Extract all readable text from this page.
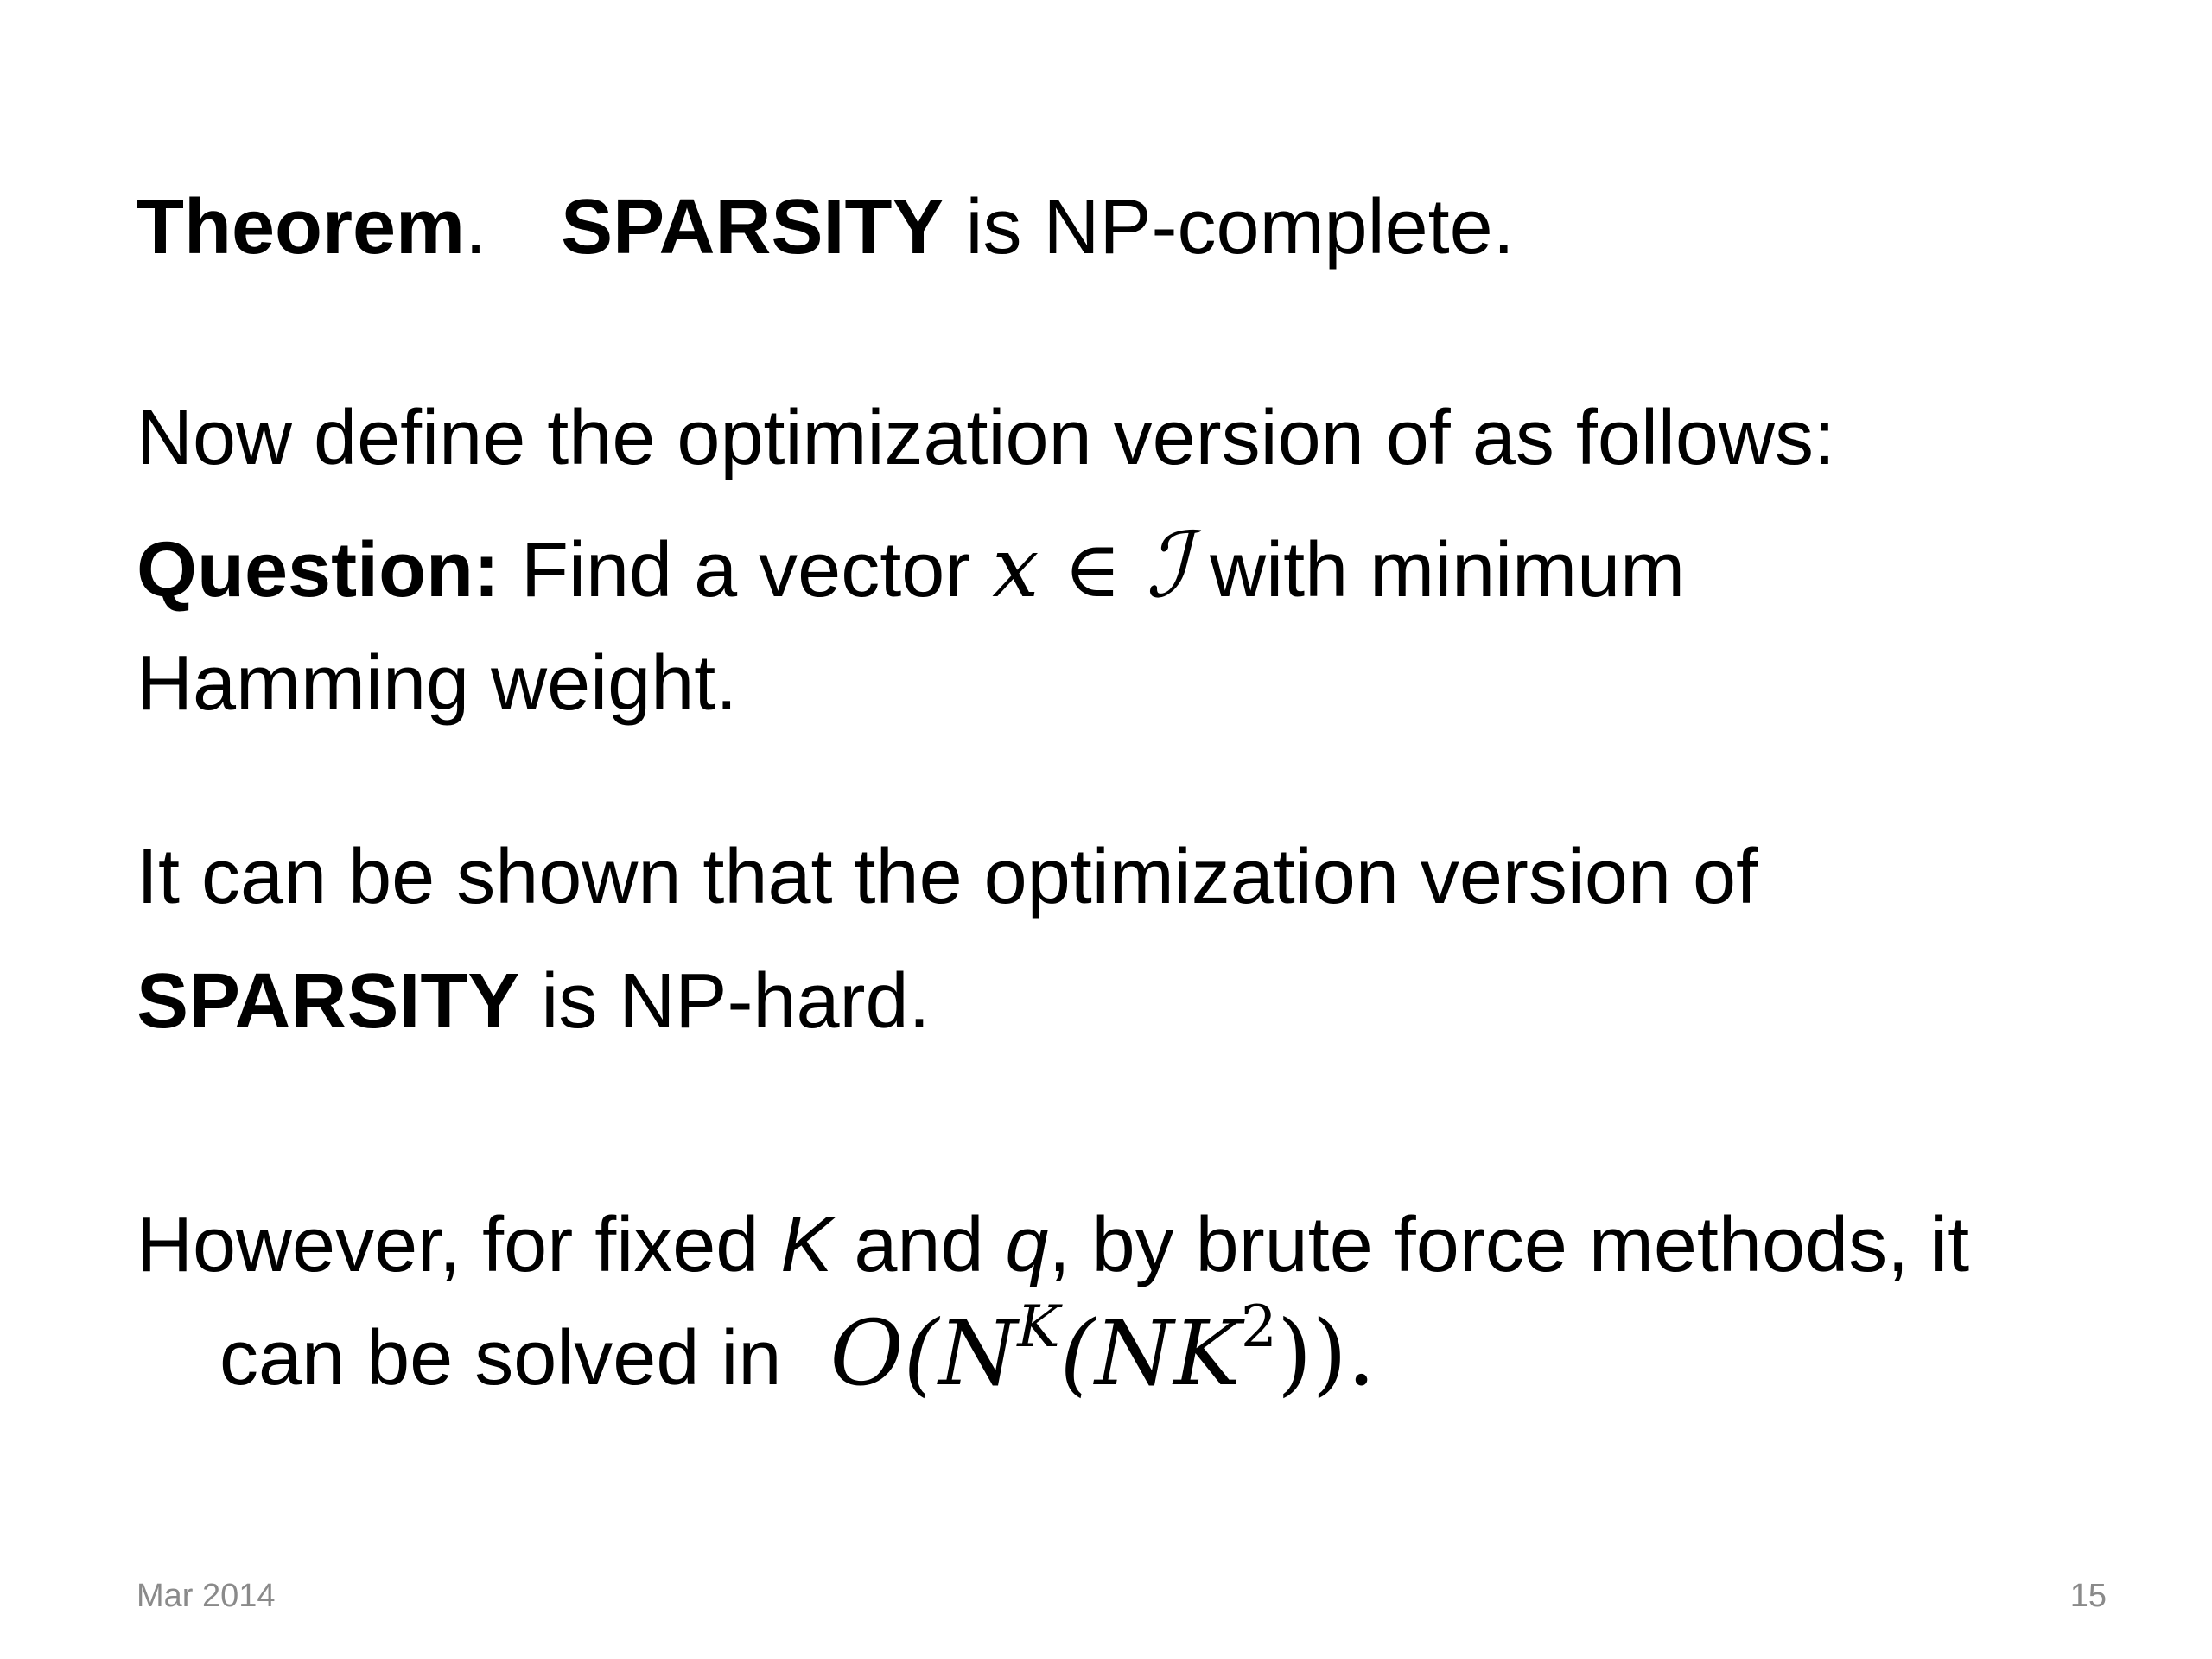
Theorem. SPARSITY is NP-complete.
Now define the optimization version of as follows:
Question: Find a vector x ∈ ℐ with minimum
Hamming weight.
It can be shown that the optimization version of
SPARSITY is NP-hard.
However, for fixed K and q, by brute force methods, it
can be solved in $O(N^K(NK^2))$.
Mar 2014	15
